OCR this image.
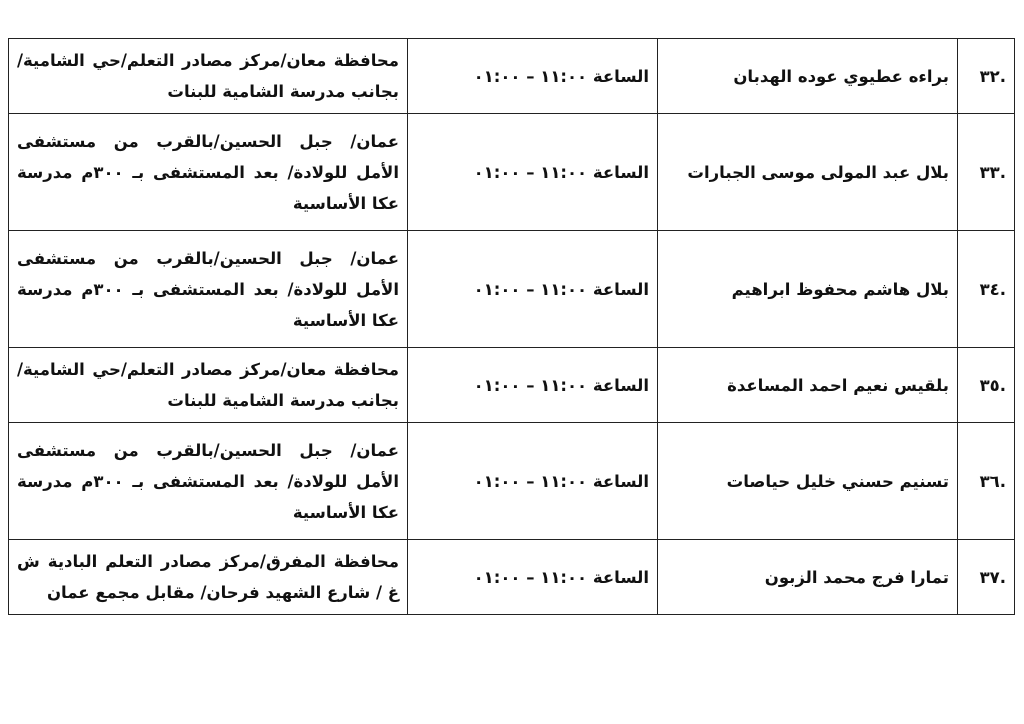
.٣٢	براءه عطيوي عوده الهدبان	الساعة ١١:٠٠ – ٠١:٠٠	محافظة معان/مركز مصادر التعلم/حي الشامية/ بجانب مدرسة الشامية للبنات
.٣٣	بلال عبد المولى موسى الجبارات	الساعة ١١:٠٠ – ٠١:٠٠	عمان/ جبل الحسين/بالقرب من مستشفى الأمل للولادة/ بعد المستشفى بـ ٣٠٠م مدرسة عكا الأساسية
.٣٤	بلال هاشم محفوظ ابراهيم	الساعة ١١:٠٠ – ٠١:٠٠	عمان/ جبل الحسين/بالقرب من مستشفى الأمل للولادة/ بعد المستشفى بـ ٣٠٠م مدرسة عكا الأساسية
.٣٥	بلقيس نعيم احمد المساعدة	الساعة ١١:٠٠ – ٠١:٠٠	محافظة معان/مركز مصادر التعلم/حي الشامية/ بجانب مدرسة الشامية للبنات
.٣٦	تسنيم حسني خليل حياصات	الساعة ١١:٠٠ – ٠١:٠٠	عمان/ جبل الحسين/بالقرب من مستشفى الأمل للولادة/ بعد المستشفى بـ ٣٠٠م مدرسة عكا الأساسية
.٣٧	تمارا فرج محمد الزبون	الساعة ١١:٠٠ – ٠١:٠٠	محافظة المفرق/مركز مصادر التعلم البادية ش غ / شارع الشهيد فرحان/ مقابل مجمع عمان
